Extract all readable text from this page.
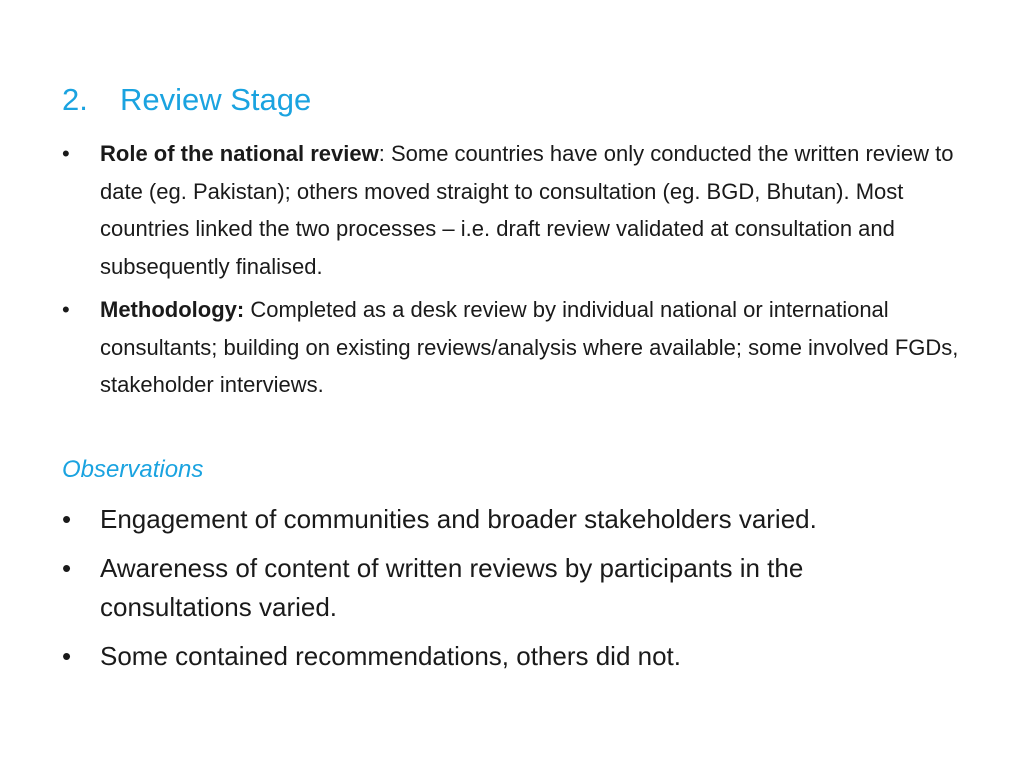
2. Review Stage
• Role of the national review: Some countries have only conducted the written review to date (eg. Pakistan); others moved straight to consultation (eg. BGD, Bhutan). Most countries linked the two processes – i.e. draft review validated at consultation and subsequently finalised.
• Methodology: Completed as a desk review by individual national or international consultants; building on existing reviews/analysis where available; some involved FGDs, stakeholder interviews.
Observations
• Engagement of communities and broader stakeholders varied.
• Awareness of content of written reviews by participants in the consultations varied.
• Some contained recommendations, others did not.
